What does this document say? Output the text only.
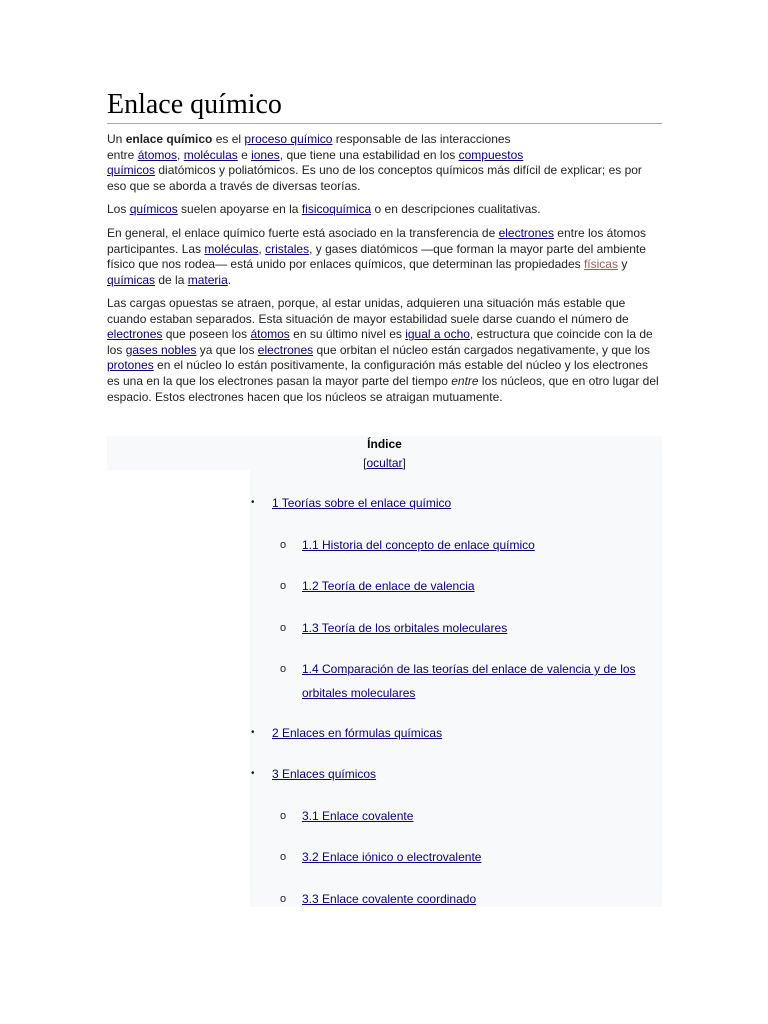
Enlace químico

Un enlace químico es el proceso químico responsable de las interacciones
entre átomos, moléculas e iones, que tiene una estabilidad en los compuestos
químicos diatómicos y poliatómicos. Es uno de los conceptos químicos más difícil de explicar; es por eso que se aborda a través de diversas teorías.

Los químicos suelen apoyarse en la fisicoquímica o en descripciones cualitativas.

En general, el enlace químico fuerte está asociado en la transferencia de electrones entre los átomos participantes. Las moléculas, cristales, y gases diatómicos —que forman la mayor parte del ambiente físico que nos rodea— está unido por enlaces químicos, que determinan las propiedades físicas y químicas de la materia.

Las cargas opuestas se atraen, porque, al estar unidas, adquieren una situación más estable que cuando estaban separados. Esta situación de mayor estabilidad suele darse cuando el número de electrones que poseen los átomos en su último nivel es igual a ocho, estructura que coincide con la de los gases nobles ya que los electrones que orbitan el núcleo están cargados negativamente, y que los protones en el núcleo lo están positivamente, la configuración más estable del núcleo y los electrones es una en la que los electrones pasan la mayor parte del tiempo entre los núcleos, que en otro lugar del espacio. Estos electrones hacen que los núcleos se atraigan mutuamente.

Índice
[ocultar]
• 1 Teorías sobre el enlace químico
o 1.1 Historia del concepto de enlace químico
o 1.2 Teoría de enlace de valencia
o 1.3 Teoría de los orbitales moleculares
o 1.4 Comparación de las teorías del enlace de valencia y de los
orbitales moleculares
• 2 Enlaces en fórmulas químicas
• 3 Enlaces químicos
o 3.1 Enlace covalente
o 3.2 Enlace iónico o electrovalente
o 3.3 Enlace covalente coordinado
